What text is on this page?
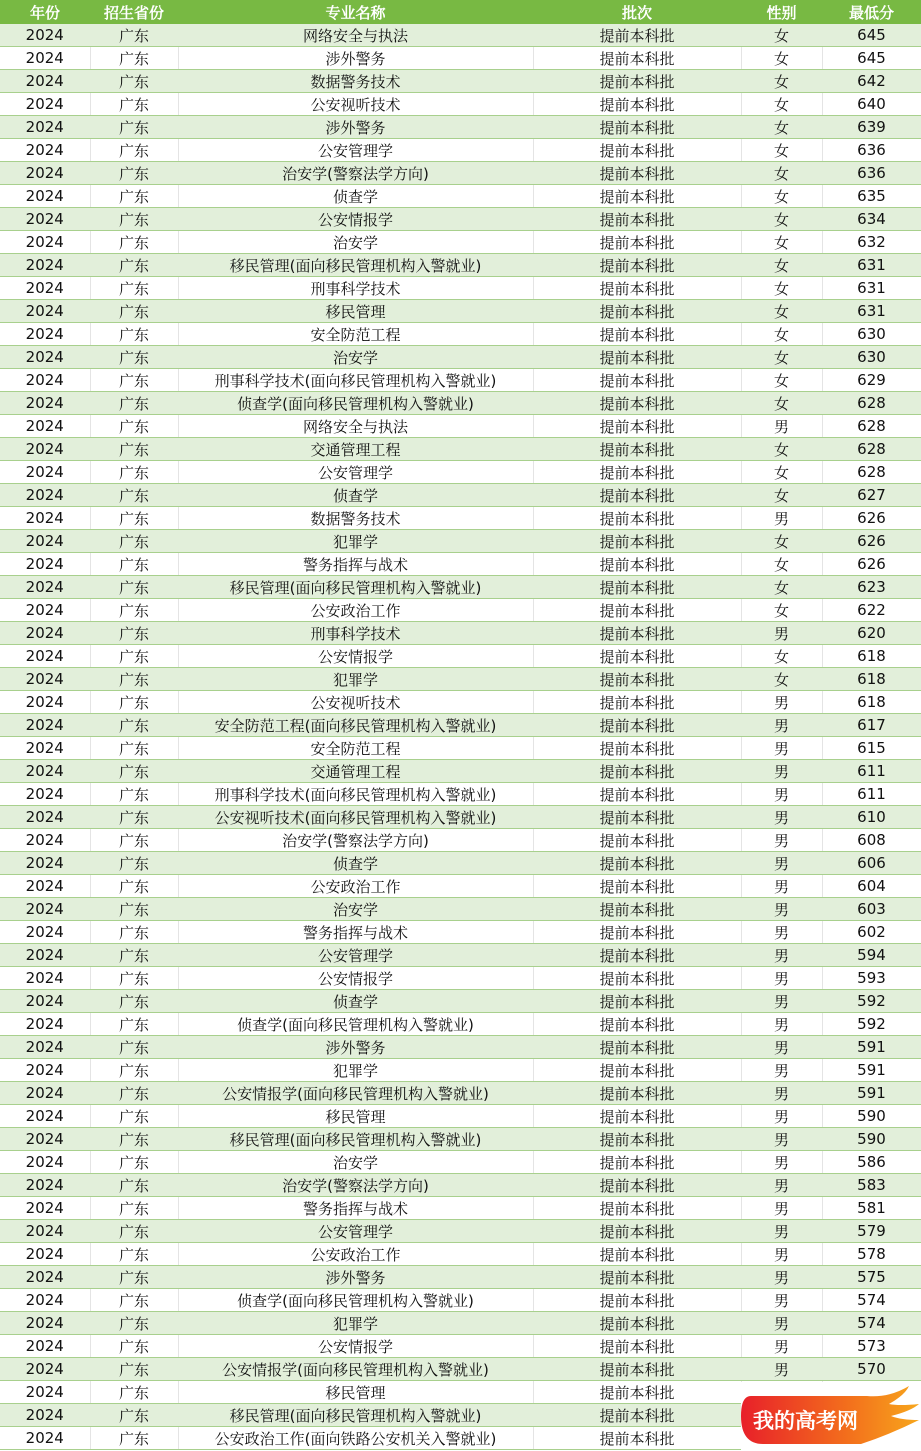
年份	招生省份	专业名称	批次	性别	最低分
2024	广东	网络安全与执法	提前本科批	女	645
2024	广东	涉外警务	提前本科批	女	645
2024	广东	数据警务技术	提前本科批	女	642
2024	广东	公安视听技术	提前本科批	女	640
2024	广东	涉外警务	提前本科批	女	639
2024	广东	公安管理学	提前本科批	女	636
2024	广东	治安学(警察法学方向)	提前本科批	女	636
2024	广东	侦查学	提前本科批	女	635
2024	广东	公安情报学	提前本科批	女	634
2024	广东	治安学	提前本科批	女	632
2024	广东	移民管理(面向移民管理机构入警就业)	提前本科批	女	631
2024	广东	刑事科学技术	提前本科批	女	631
2024	广东	移民管理	提前本科批	女	631
2024	广东	安全防范工程	提前本科批	女	630
2024	广东	治安学	提前本科批	女	630
2024	广东	刑事科学技术(面向移民管理机构入警就业)	提前本科批	女	629
2024	广东	侦查学(面向移民管理机构入警就业)	提前本科批	女	628
2024	广东	网络安全与执法	提前本科批	男	628
2024	广东	交通管理工程	提前本科批	女	628
2024	广东	公安管理学	提前本科批	女	628
2024	广东	侦查学	提前本科批	女	627
2024	广东	数据警务技术	提前本科批	男	626
2024	广东	犯罪学	提前本科批	女	626
2024	广东	警务指挥与战术	提前本科批	女	626
2024	广东	移民管理(面向移民管理机构入警就业)	提前本科批	女	623
2024	广东	公安政治工作	提前本科批	女	622
2024	广东	刑事科学技术	提前本科批	男	620
2024	广东	公安情报学	提前本科批	女	618
2024	广东	犯罪学	提前本科批	女	618
2024	广东	公安视听技术	提前本科批	男	618
2024	广东	安全防范工程(面向移民管理机构入警就业)	提前本科批	男	617
2024	广东	安全防范工程	提前本科批	男	615
2024	广东	交通管理工程	提前本科批	男	611
2024	广东	刑事科学技术(面向移民管理机构入警就业)	提前本科批	男	611
2024	广东	公安视听技术(面向移民管理机构入警就业)	提前本科批	男	610
2024	广东	治安学(警察法学方向)	提前本科批	男	608
2024	广东	侦查学	提前本科批	男	606
2024	广东	公安政治工作	提前本科批	男	604
2024	广东	治安学	提前本科批	男	603
2024	广东	警务指挥与战术	提前本科批	男	602
2024	广东	公安管理学	提前本科批	男	594
2024	广东	公安情报学	提前本科批	男	593
2024	广东	侦查学	提前本科批	男	592
2024	广东	侦查学(面向移民管理机构入警就业)	提前本科批	男	592
2024	广东	涉外警务	提前本科批	男	591
2024	广东	犯罪学	提前本科批	男	591
2024	广东	公安情报学(面向移民管理机构入警就业)	提前本科批	男	591
2024	广东	移民管理	提前本科批	男	590
2024	广东	移民管理(面向移民管理机构入警就业)	提前本科批	男	590
2024	广东	治安学	提前本科批	男	586
2024	广东	治安学(警察法学方向)	提前本科批	男	583
2024	广东	警务指挥与战术	提前本科批	男	581
2024	广东	公安管理学	提前本科批	男	579
2024	广东	公安政治工作	提前本科批	男	578
2024	广东	涉外警务	提前本科批	男	575
2024	广东	侦查学(面向移民管理机构入警就业)	提前本科批	男	574
2024	广东	犯罪学	提前本科批	男	574
2024	广东	公安情报学	提前本科批	男	573
2024	广东	公安情报学(面向移民管理机构入警就业)	提前本科批	男	570
2024	广东	移民管理	提前本科批		
2024	广东	移民管理(面向移民管理机构入警就业)	提前本科批		
2024	广东	公安政治工作(面向铁路公安机关入警就业)	提前本科批		
我的高考网
